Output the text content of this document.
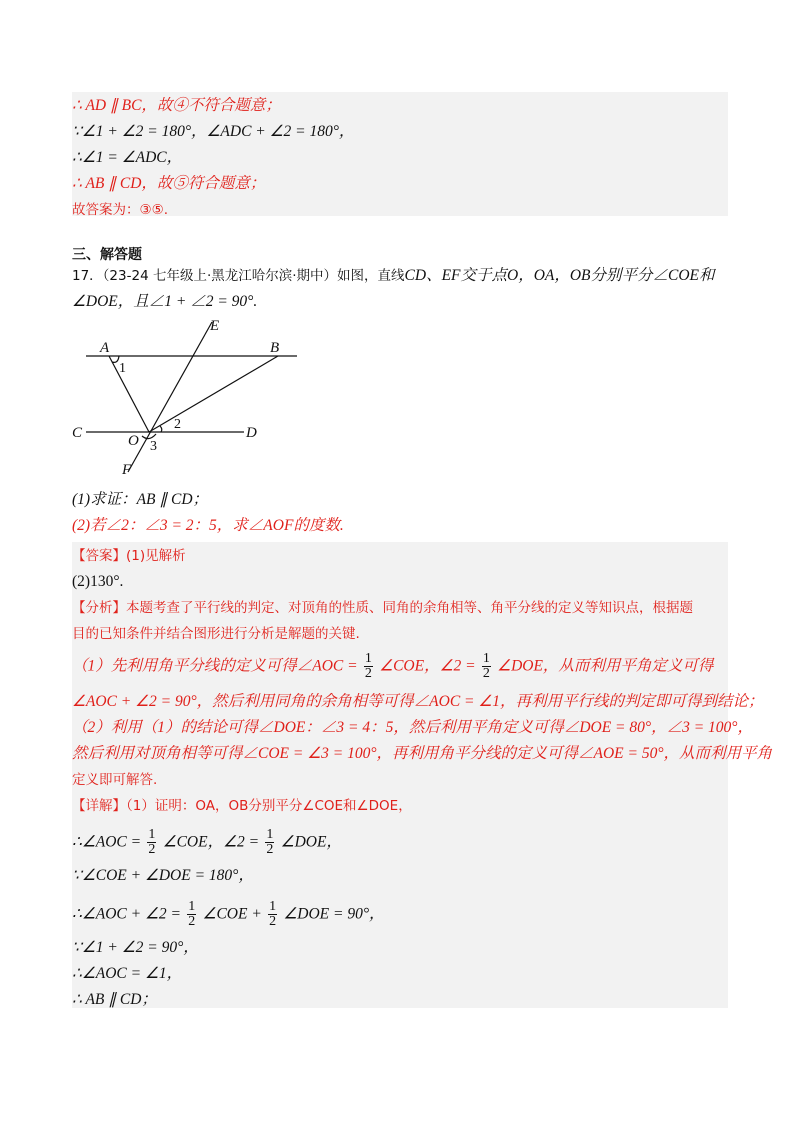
∴ AD ∥ BC，故④不符合题意；
∵∠1 + ∠2 = 180°，∠ADC + ∠2 = 180°，
∴∠1 = ∠ADC，
∴ AB ∥ CD，故⑤符合题意；
故答案为：③⑤.
三、解答题
17．（23-24 七年级上·黑龙江哈尔滨·期中）如图，直线CD、EF交于点O，OA，OB分别平分∠COE和
∠DOE，且∠1 + ∠2 = 90°.
A	B
C	D
E
F
O
1
2
3
(1)求证：AB ∥ CD；
(2)若∠2：∠3 = 2：5，求∠AOF的度数.
【答案】(1)见解析
(2)130°.
【分析】本题考查了平行线的判定、对顶角的性质、同角的余角相等、角平分线的定义等知识点，根据题
目的已知条件并结合图形进行分析是解题的关键.
（1）先利用角平分线的定义可得∠AOC = $\frac{1}{2}$ ∠COE，∠2 = $\frac{1}{2}$ ∠DOE，从而利用平角定义可得
∠AOC + ∠2 = 90°，然后利用同角的余角相等可得∠AOC = ∠1，再利用平行线的判定即可得到结论；
（2）利用（1）的结论可得∠DOE：∠3 = 4：5，然后利用平角定义可得∠DOE = 80°，∠3 = 100°，
然后利用对顶角相等可得∠COE = ∠3 = 100°，再利用角平分线的定义可得∠AOE = 50°，从而利用平角
定义即可解答.
【详解】（1）证明：OA，OB分别平分∠COE和∠DOE，
∴∠AOC = $\frac{1}{2}$ ∠COE，∠2 = $\frac{1}{2}$ ∠DOE，
∵∠COE + ∠DOE = 180°，
∴∠AOC + ∠2 = $\frac{1}{2}$ ∠COE + $\frac{1}{2}$ ∠DOE = 90°，
∵∠1 + ∠2 = 90°，
∴∠AOC = ∠1，
∴ AB ∥ CD；
